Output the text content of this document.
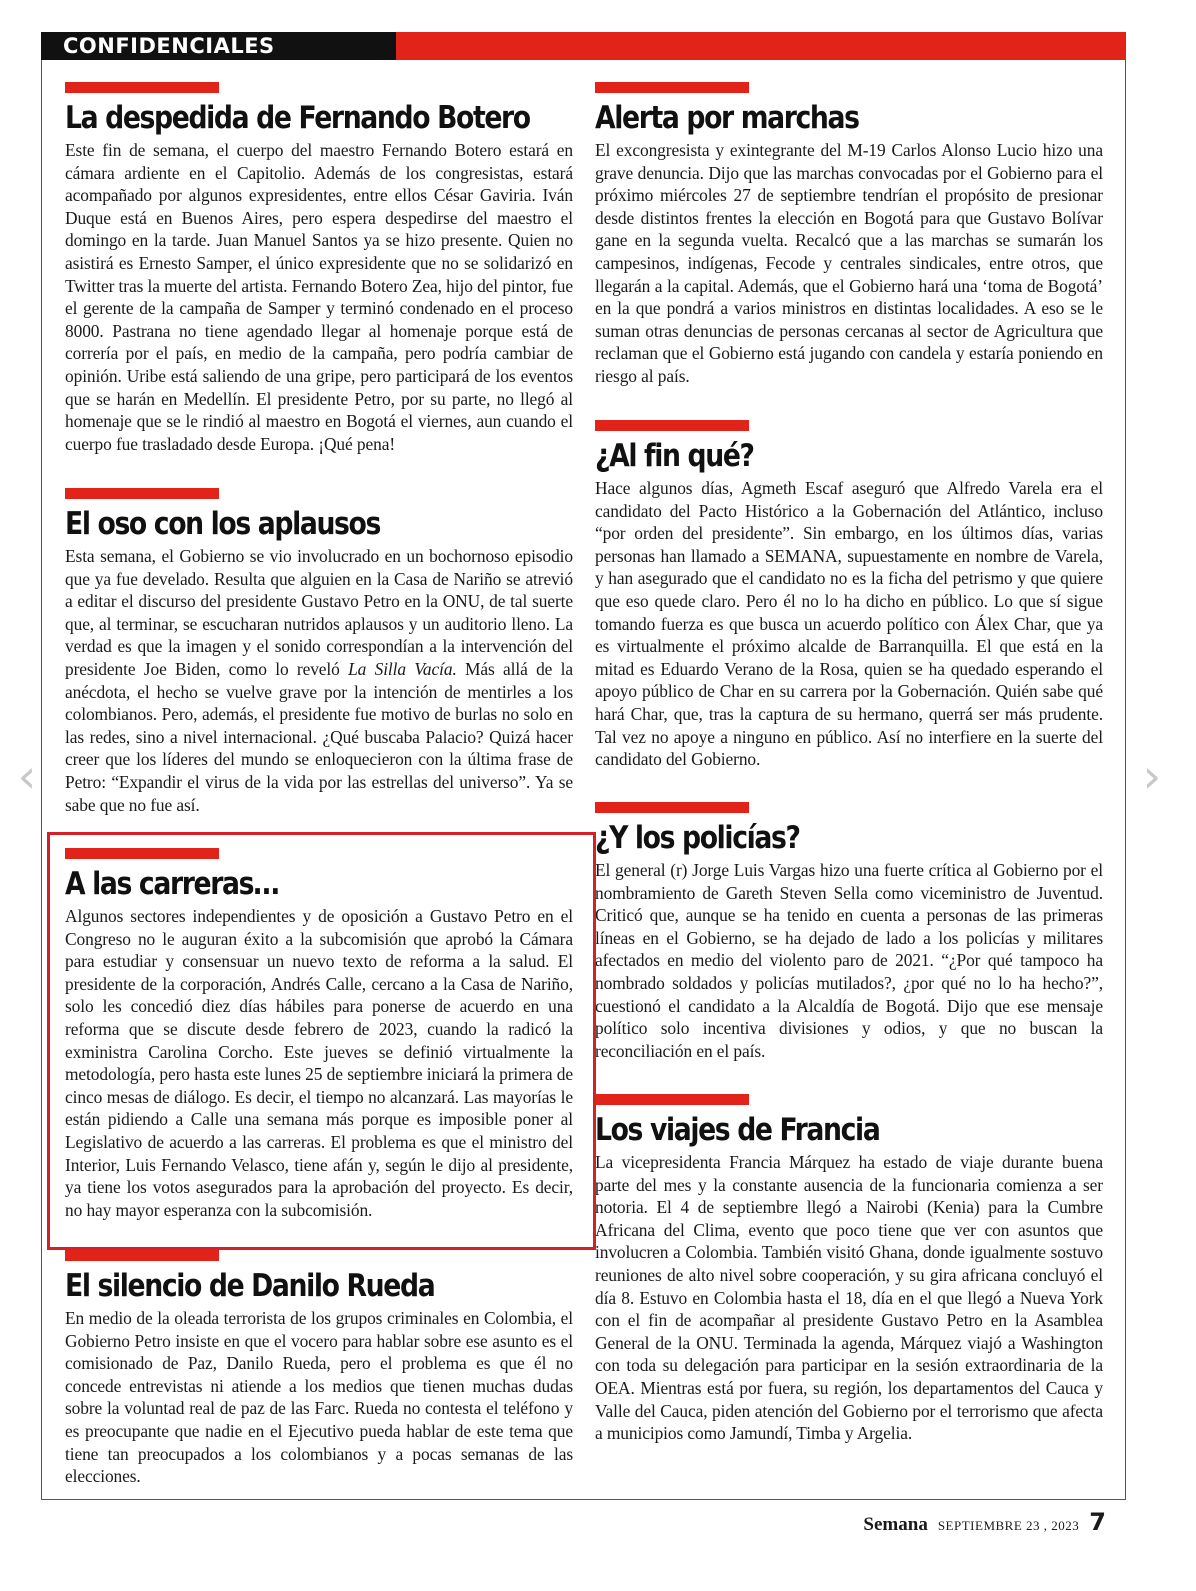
CONFIDENCIALES
La despedida de Fernando Botero

Este fin de semana, el cuerpo del maestro Fernando Botero estará en cámara ardiente en el Capitolio. Además de los congresistas, estará acompañado por algunos expresidentes, entre ellos César Gaviria. Iván Duque está en Buenos Aires, pero espera despedirse del maestro el domingo en la tarde. Juan Manuel Santos ya se hizo presente. Quien no asistirá es Ernesto Samper, el único expresidente que no se solidarizó en Twitter tras la muerte del artista. Fernando Botero Zea, hijo del pintor, fue el gerente de la campaña de Samper y terminó condenado en el proceso 8000. Pastrana no tiene agendado llegar al homenaje porque está de correría por el país, en medio de la campaña, pero podría cambiar de opinión. Uribe está saliendo de una gripe, pero participará de los eventos que se harán en Medellín. El presidente Petro, por su parte, no llegó al homenaje que se le rindió al maestro en Bogotá el viernes, aun cuando el cuerpo fue trasladado desde Europa. ¡Qué pena!

El oso con los aplausos

Esta semana, el Gobierno se vio involucrado en un bochornoso episodio que ya fue develado. Resulta que alguien en la Casa de Nariño se atrevió a editar el discurso del presidente Gustavo Petro en la ONU, de tal suerte que, al terminar, se escucharan nutridos aplausos y un auditorio lleno. La verdad es que la imagen y el sonido correspondían a la intervención del presidente Joe Biden, como lo reveló La Silla Vacía. Más allá de la anécdota, el hecho se vuelve grave por la intención de mentirles a los colombianos. Pero, además, el presidente fue motivo de burlas no solo en las redes, sino a nivel internacional. ¿Qué buscaba Palacio? Quizá hacer creer que los líderes del mundo se enloquecieron con la última frase de Petro: “Expandir el virus de la vida por las estrellas del universo”. Ya se sabe que no fue así.

A las carreras…

Algunos sectores independientes y de oposición a Gustavo Petro en el Congreso no le auguran éxito a la subcomisión que aprobó la Cámara para estudiar y consensuar un nuevo texto de reforma a la salud. El presidente de la corporación, Andrés Calle, cercano a la Casa de Nariño, solo les concedió diez días hábiles para ponerse de acuerdo en una reforma que se discute desde febrero de 2023, cuando la radicó la exministra Carolina Corcho. Este jueves se definió virtualmente la metodología, pero hasta este lunes 25 de septiembre iniciará la primera de cinco mesas de diálogo. Es decir, el tiempo no alcanzará. Las mayorías le están pidiendo a Calle una semana más porque es imposible poner al Legislativo de acuerdo a las carreras. El problema es que el ministro del Interior, Luis Fernando Velasco, tiene afán y, según le dijo al presidente, ya tiene los votos asegurados para la aprobación del proyecto. Es decir, no hay mayor esperanza con la subcomisión.

El silencio de Danilo Rueda

En medio de la oleada terrorista de los grupos criminales en Colombia, el Gobierno Petro insiste en que el vocero para hablar sobre ese asunto es el comisionado de Paz, Danilo Rueda, pero el problema es que él no concede entrevistas ni atiende a los medios que tienen muchas dudas sobre la voluntad real de paz de las Farc. Rueda no contesta el teléfono y es preocupante que nadie en el Ejecutivo pueda hablar de este tema que tiene tan preocupados a los colombianos y a pocas semanas de las elecciones.

Alerta por marchas

El excongresista y exintegrante del M-19 Carlos Alonso Lucio hizo una grave denuncia. Dijo que las marchas convocadas por el Gobierno para el próximo miércoles 27 de septiembre tendrían el propósito de presionar desde distintos frentes la elección en Bogotá para que Gustavo Bolívar gane en la segunda vuelta. Recalcó que a las marchas se sumarán los campesinos, indígenas, Fecode y centrales sindicales, entre otros, que llegarán a la capital. Además, que el Gobierno hará una ‘toma de Bogotá’ en la que pondrá a varios ministros en distintas localidades. A eso se le suman otras denuncias de personas cercanas al sector de Agricultura que reclaman que el Gobierno está jugando con candela y estaría poniendo en riesgo al país.

¿Al fin qué?

Hace algunos días, Agmeth Escaf aseguró que Alfredo Varela era el candidato del Pacto Histórico a la Gobernación del Atlántico, incluso “por orden del presidente”. Sin embargo, en los últimos días, varias personas han llamado a SEMANA, supuestamente en nombre de Varela, y han asegurado que el candidato no es la ficha del petrismo y que quiere que eso quede claro. Pero él no lo ha dicho en público. Lo que sí sigue tomando fuerza es que busca un acuerdo político con Álex Char, que ya es virtualmente el próximo alcalde de Barranquilla. El que está en la mitad es Eduardo Verano de la Rosa, quien se ha quedado esperando el apoyo público de Char en su carrera por la Gobernación. Quién sabe qué hará Char, que, tras la captura de su hermano, querrá ser más prudente. Tal vez no apoye a ninguno en público. Así no interfiere en la suerte del candidato del Gobierno.

¿Y los policías?

El general (r) Jorge Luis Vargas hizo una fuerte crítica al Gobierno por el nombramiento de Gareth Steven Sella como viceministro de Juventud. Criticó que, aunque se ha tenido en cuenta a personas de las primeras líneas en el Gobierno, se ha dejado de lado a los policías y militares afectados en medio del violento paro de 2021. “¿Por qué tampoco ha nombrado soldados y policías mutilados?, ¿por qué no lo ha hecho?”, cuestionó el candidato a la Alcaldía de Bogotá. Dijo que ese mensaje político solo incentiva divisiones y odios, y que no buscan la reconciliación en el país.

Los viajes de Francia

La vicepresidenta Francia Márquez ha estado de viaje durante buena parte del mes y la constante ausencia de la funcionaria comienza a ser notoria. El 4 de septiembre llegó a Nairobi (Kenia) para la Cumbre Africana del Clima, evento que poco tiene que ver con asuntos que involucren a Colombia. También visitó Ghana, donde igualmente sostuvo reuniones de alto nivel sobre cooperación, y su gira africana concluyó el día 8. Estuvo en Colombia hasta el 18, día en el que llegó a Nueva York con el fin de acompañar al presidente Gustavo Petro en la Asamblea General de la ONU. Terminada la agenda, Márquez viajó a Washington con toda su delegación para participar en la sesión extraordinaria de la OEA. Mientras está por fuera, su región, los departamentos del Cauca y Valle del Cauca, piden atención del Gobierno por el terrorismo que afecta a municipios como Jamundí, Timba y Argelia.

‹	›
Semana SEPTIEMBRE 23 , 2023 7
